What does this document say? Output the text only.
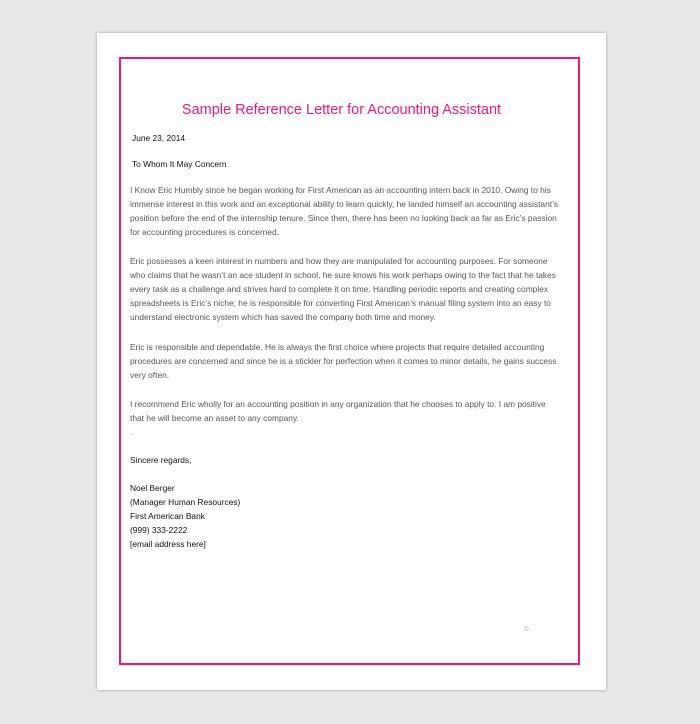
Sample Reference Letter for Accounting Assistant
June 23, 2014
To Whom It May Concern

I Know Eric Humbly since he began working for First American as an accounting intern back in 2010. Owing to his immense interest in this work and an exceptional ability to learn quickly, he landed himself an accounting assistant’s position before the end of the internship tenure. Since then, there has been no looking back as far as Eric’s passion for accounting procedures is concerned.

Eric possesses a keen interest in numbers and how they are manipulated for accounting purposes. For someone who claims that he wasn’t an ace student in school, he sure knows his work perhaps owing to the fact that he takes every task as a challenge and strives hard to complete it on time. Handling periodic reports and creating complex spreadsheets is Eric’s niche; he is responsible for converting First American’s manual filing system into an easy to understand electronic system which has saved the company both time and money.

Eric is responsible and dependable. He is always the first choice where projects that require detailed accounting procedures are concerned and since he is a stickler for perfection when it comes to minor details, he gains success very often.

I recommend Eric wholly for an accounting position in any organization that he chooses to apply to. I am positive that he will become an asset to any company.

.
Sincere regards,
Noel Berger
(Manager Human Resources)
First American Bank
(999) 333-2222
[email address here]
© .
